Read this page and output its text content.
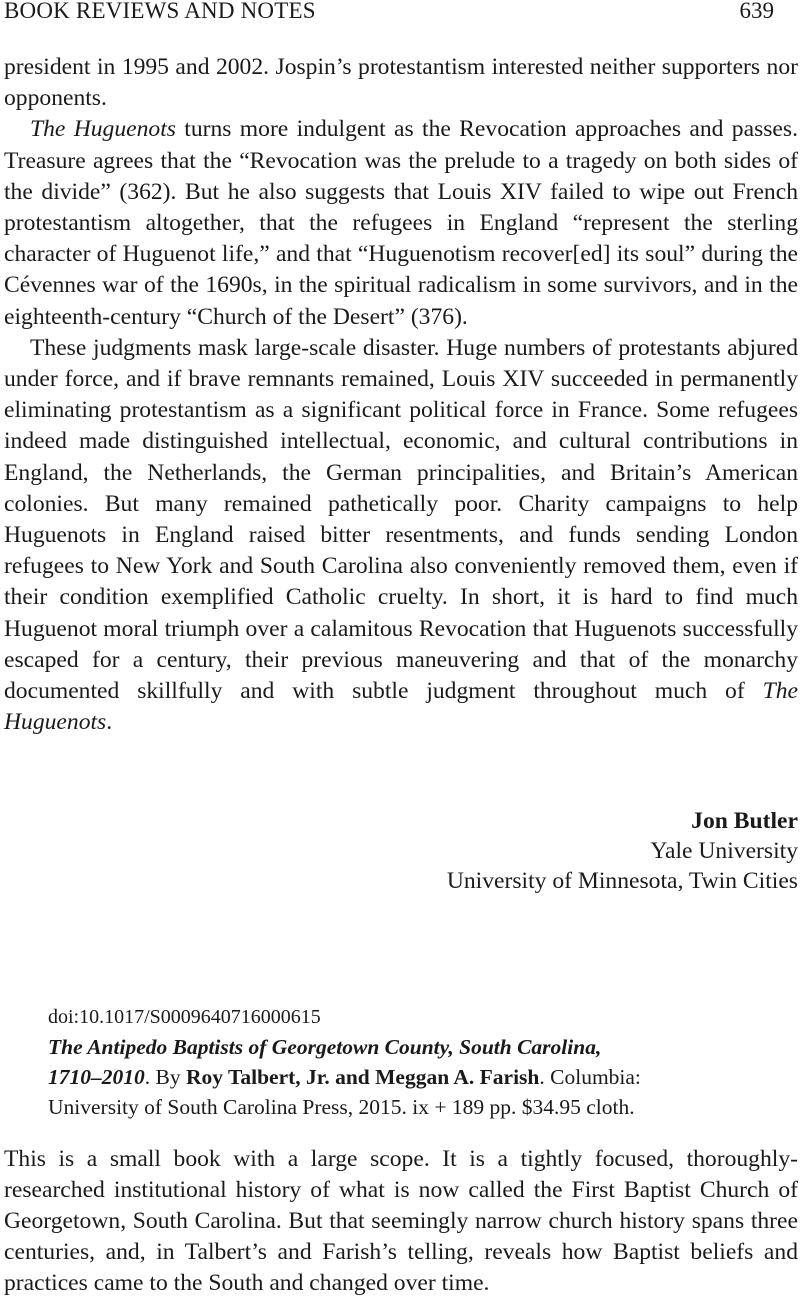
BOOK REVIEWS AND NOTES	639

president in 1995 and 2002. Jospin’s protestantism interested neither supporters nor opponents.

The Huguenots turns more indulgent as the Revocation approaches and passes. Treasure agrees that the “Revocation was the prelude to a tragedy on both sides of the divide” (362). But he also suggests that Louis XIV failed to wipe out French protestantism altogether, that the refugees in England “represent the sterling character of Huguenot life,” and that “Huguenotism recover[ed] its soul” during the Cévennes war of the 1690s, in the spiritual radicalism in some survivors, and in the eighteenth-century “Church of the Desert” (376).

These judgments mask large-scale disaster. Huge numbers of protestants abjured under force, and if brave remnants remained, Louis XIV succeeded in permanently eliminating protestantism as a significant political force in France. Some refugees indeed made distinguished intellectual, economic, and cultural contributions in England, the Netherlands, the German principalities, and Britain’s American colonies. But many remained pathetically poor. Charity campaigns to help Huguenots in England raised bitter resentments, and funds sending London refugees to New York and South Carolina also conveniently removed them, even if their condition exemplified Catholic cruelty. In short, it is hard to find much Huguenot moral triumph over a calamitous Revocation that Huguenots successfully escaped for a century, their previous maneuvering and that of the monarchy documented skillfully and with subtle judgment throughout much of The Huguenots.

Jon Butler
Yale University
University of Minnesota, Twin Cities
doi:10.1017/S0009640716000615
The Antipedo Baptists of Georgetown County, South Carolina,
1710–2010. By Roy Talbert, Jr. and Meggan A. Farish. Columbia:
University of South Carolina Press, 2015. ix + 189 pp. $34.95 cloth.

This is a small book with a large scope. It is a tightly focused, thoroughly-researched institutional history of what is now called the First Baptist Church of Georgetown, South Carolina. But that seemingly narrow church history spans three centuries, and, in Talbert’s and Farish’s telling, reveals how Baptist beliefs and practices came to the South and changed over time.
